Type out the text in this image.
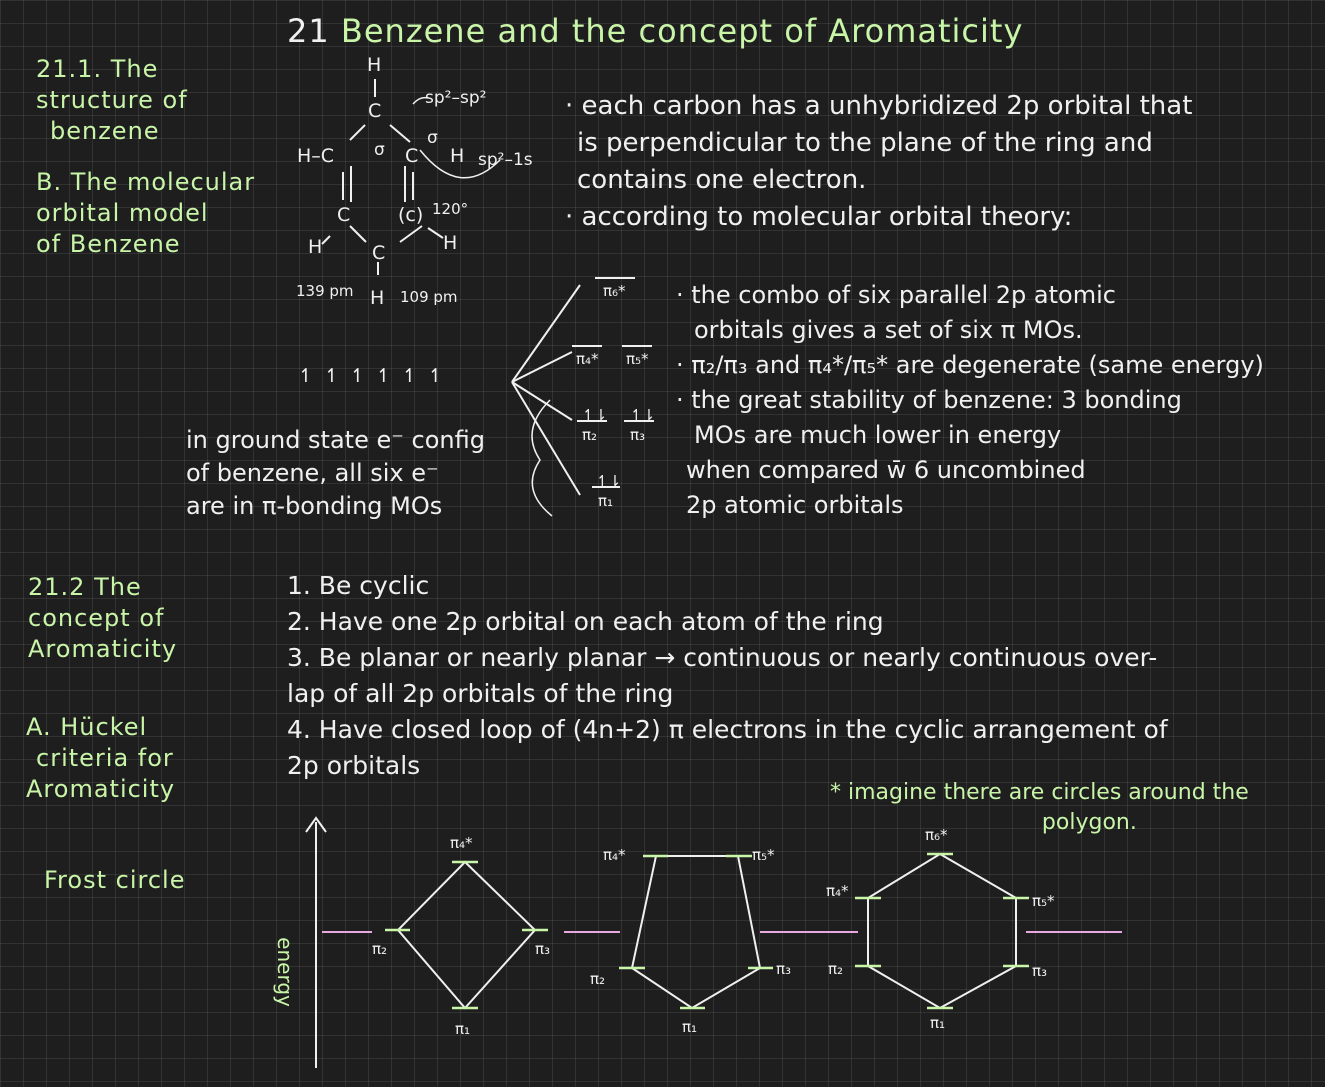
21 Benzene and the concept of Aromaticity
21.1. The
structure of
benzene
B. The molecular
orbital model
of Benzene
21.2 The
concept of
Aromaticity
A. Hückel
criteria for
Aromaticity
Frost circle
H
C
H–C	C H
C	(c)
H	C	H
H
σ
σ
sp²–sp²
sp²–1s
120°
139 pm	109 pm
· each carbon has a unhybridized 2p orbital that
is perpendicular to the plane of the ring and
contains one electron.
· according to molecular orbital theory:
↿ ↿ ↿ ↿ ↿ ↿
π₆*
π₄* π₅*
↿⇂ ↿⇂
π₂ π₃
↿⇂
π₁
in ground state e⁻ config
of benzene, all six e⁻
are in π-bonding MOs
· the combo of six parallel 2p atomic
orbitals gives a set of six π MOs.
· π₂/π₃ and π₄*/π₅* are degenerate (same energy)
· the great stability of benzene: 3 bonding
MOs are much lower in energy
when compared w̄ 6 uncombined
2p atomic orbitals
1. Be cyclic
2. Have one 2p orbital on each atom of the ring
3. Be planar or nearly planar → continuous or nearly continuous over-
lap of all 2p orbitals of the ring
4. Have closed loop of (4n+2) π electrons in the cyclic arrangement of
2p orbitals
* imagine there are circles around the
polygon.
energy
π₄*
π₂	π₃
π₁
π₄*	π₅*
π₂
π₃
π₁
π₆*
π₄*
π₅*
π₂	π₃
π₁
